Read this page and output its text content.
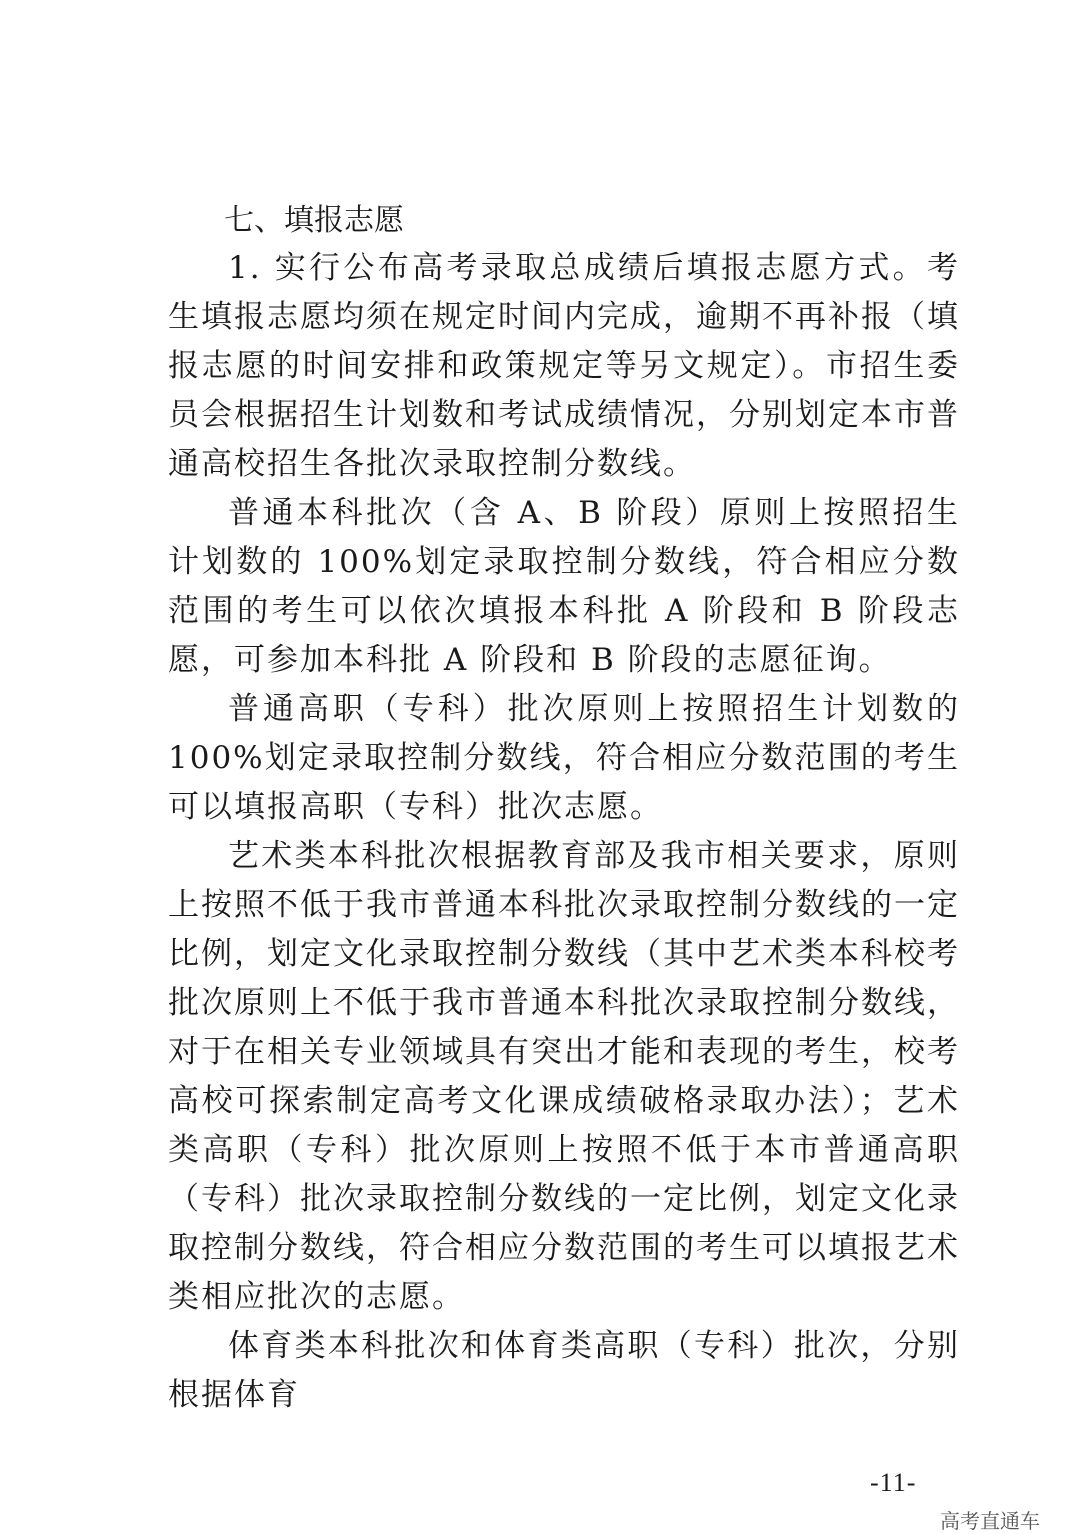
七、填报志愿

1. 实行公布高考录取总成绩后填报志愿方式。考生填报志愿均须在规定时间内完成，逾期不再补报（填报志愿的时间安排和政策规定等另文规定）。市招生委员会根据招生计划数和考试成绩情况，分别划定本市普通高校招生各批次录取控制分数线。

普通本科批次（含 A、B 阶段）原则上按照招生计划数的 100%划定录取控制分数线，符合相应分数范围的考生可以依次填报本科批 A 阶段和 B 阶段志愿，可参加本科批 A 阶段和 B 阶段的志愿征询。

普通高职（专科）批次原则上按照招生计划数的 100%划定录取控制分数线，符合相应分数范围的考生可以填报高职（专科）批次志愿。

艺术类本科批次根据教育部及我市相关要求，原则上按照不低于我市普通本科批次录取控制分数线的一定比例，划定文化录取控制分数线（其中艺术类本科校考批次原则上不低于我市普通本科批次录取控制分数线，对于在相关专业领域具有突出才能和表现的考生，校考高校可探索制定高考文化课成绩破格录取办法）；艺术类高职（专科）批次原则上按照不低于本市普通高职（专科）批次录取控制分数线的一定比例，划定文化录取控制分数线，符合相应分数范围的考生可以填报艺术类相应批次的志愿。

体育类本科批次和体育类高职（专科）批次，分别根据体育

-11-
高考直通车
